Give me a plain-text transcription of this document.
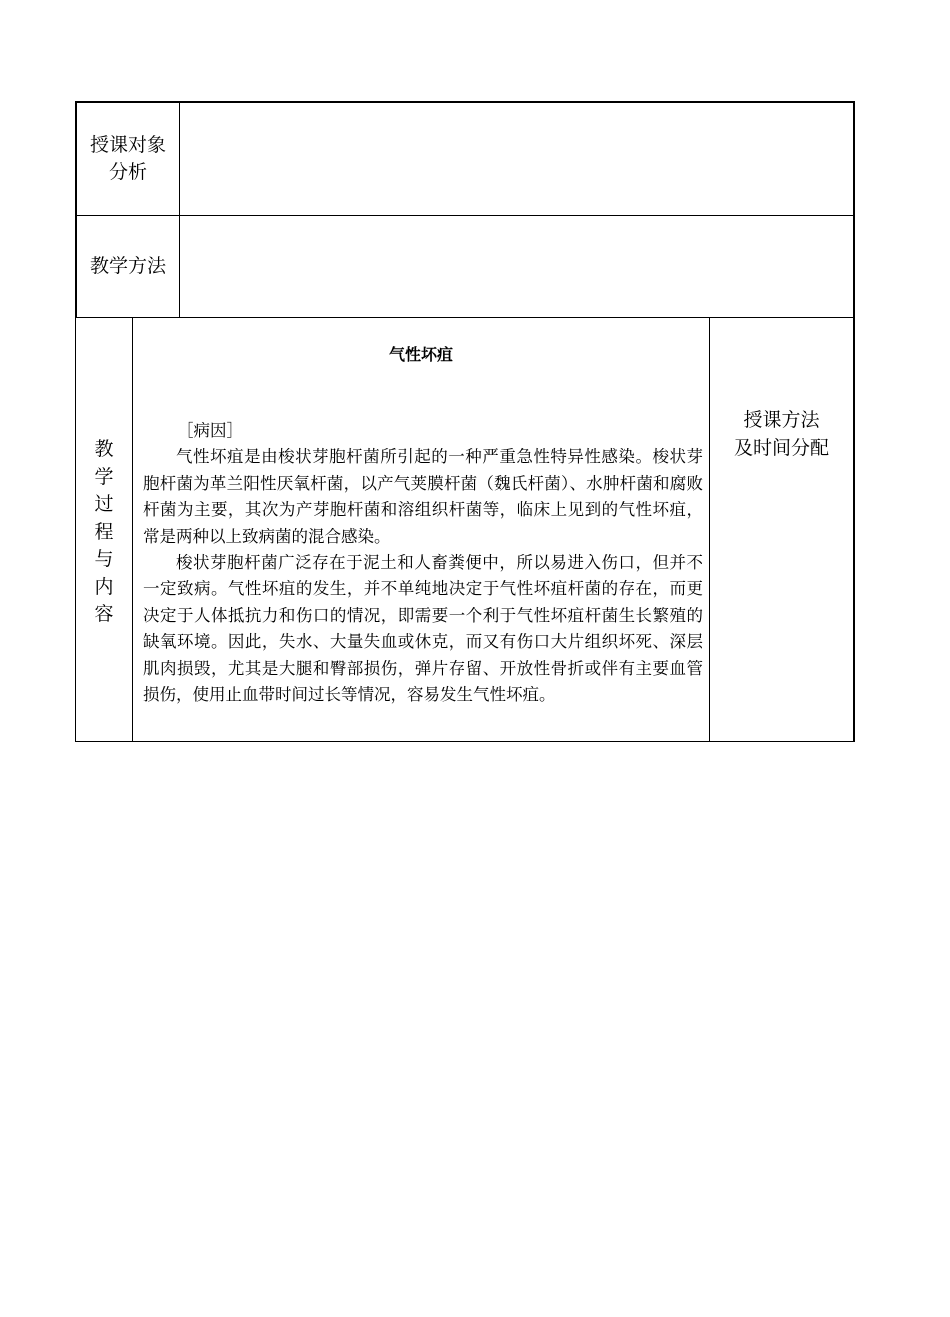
授课对象
分析
教学方法
教
学
过
程
与
内
容
气性坏疽
［病因］

气性坏疽是由梭状芽胞杆菌所引起的一种严重急性特异性感染。梭状芽胞杆菌为革兰阳性厌氧杆菌，以产气荚膜杆菌（魏氏杆菌）、水肿杆菌和腐败杆菌为主要，其次为产芽胞杆菌和溶组织杆菌等，临床上见到的气性坏疽，常是两种以上致病菌的混合感染。

梭状芽胞杆菌广泛存在于泥土和人畜粪便中，所以易进入伤口，但并不一定致病。气性坏疽的发生，并不单纯地决定于气性坏疽杆菌的存在，而更决定于人体抵抗力和伤口的情况，即需要一个利于气性坏疽杆菌生长繁殖的缺氧环境。因此，失水、大量失血或休克，而又有伤口大片组织坏死、深层肌肉损毁，尤其是大腿和臀部损伤，弹片存留、开放性骨折或伴有主要血管损伤，使用止血带时间过长等情况，容易发生气性坏疽。

授课方法
及时间分配
